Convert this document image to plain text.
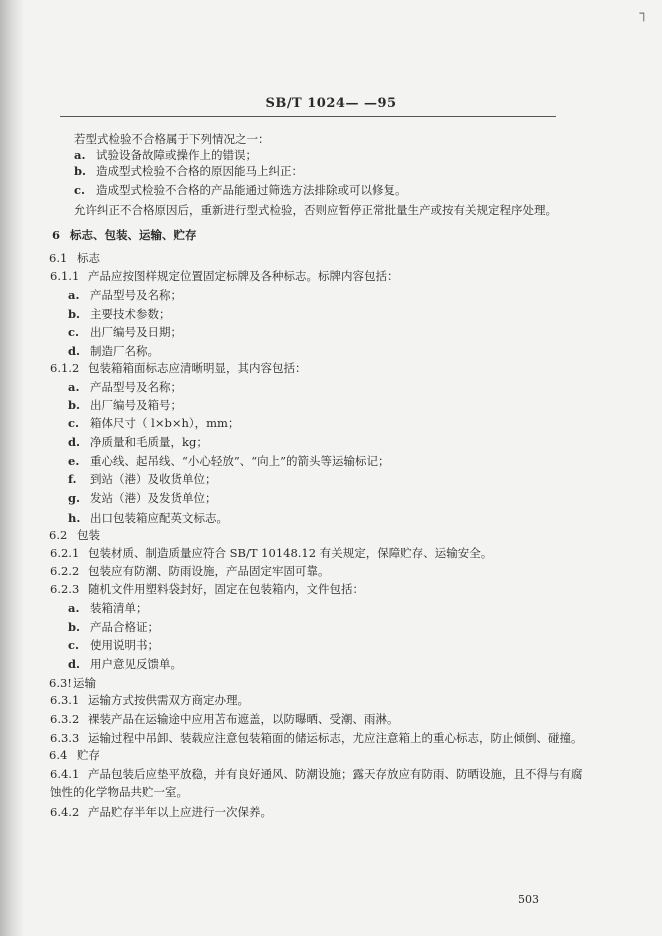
┐
SB/T 1024— —95
若型式检验不合格属于下列情况之一：
a. 试验设备故障或操作上的错误；
b. 造成型式检验不合格的原因能马上纠正：
c. 造成型式检验不合格的产品能通过筛选方法排除或可以修复。
允许纠正不合格原因后，重新进行型式检验，否则应暂停正常批量生产或按有关规定程序处理。
6 标志、包装、运输、贮存
6.1 标志
6.1.1 产品应按图样规定位置固定标牌及各种标志。标牌内容包括：
a. 产品型号及名称；
b. 主要技术参数；
c. 出厂编号及日期；
d. 制造厂名称。
6.1.2 包装箱箱面标志应清晰明显，其内容包括：
a. 产品型号及名称；
b. 出厂编号及箱号；
c. 箱体尺寸（ l×b×h），mm；
d. 净质量和毛质量，kg；
e. 重心线、起吊线、“小心轻放”、“向上”的箭头等运输标记；
f. 到站（港）及收货单位；
g. 发站（港）及发货单位；
h. 出口包装箱应配英文标志。
6.2 包装
6.2.1 包装材质、制造质量应符合 SB/T 10148.12 有关规定，保障贮存、运输安全。
6.2.2 包装应有防潮、防雨设施，产品固定牢固可靠。
6.2.3 随机文件用塑料袋封好，固定在包装箱内，文件包括：
a. 装箱清单；
b. 产品合格证；
c. 使用说明书；
d. 用户意见反馈单。
6.3!运输
6.3.1 运输方式按供需双方商定办理。
6.3.2 裸装产品在运输途中应用苫布遮盖，以防曝晒、受潮、雨淋。
6.3.3 运输过程中吊卸、装载应注意包装箱面的储运标志，尤应注意箱上的重心标志，防止倾倒、碰撞。
6.4 贮存
6.4.1 产品包装后应垫平放稳，并有良好通风、防潮设施；露天存放应有防雨、防晒设施，且不得与有腐
蚀性的化学物品共贮一室。
6.4.2 产品贮存半年以上应进行一次保养。
503
